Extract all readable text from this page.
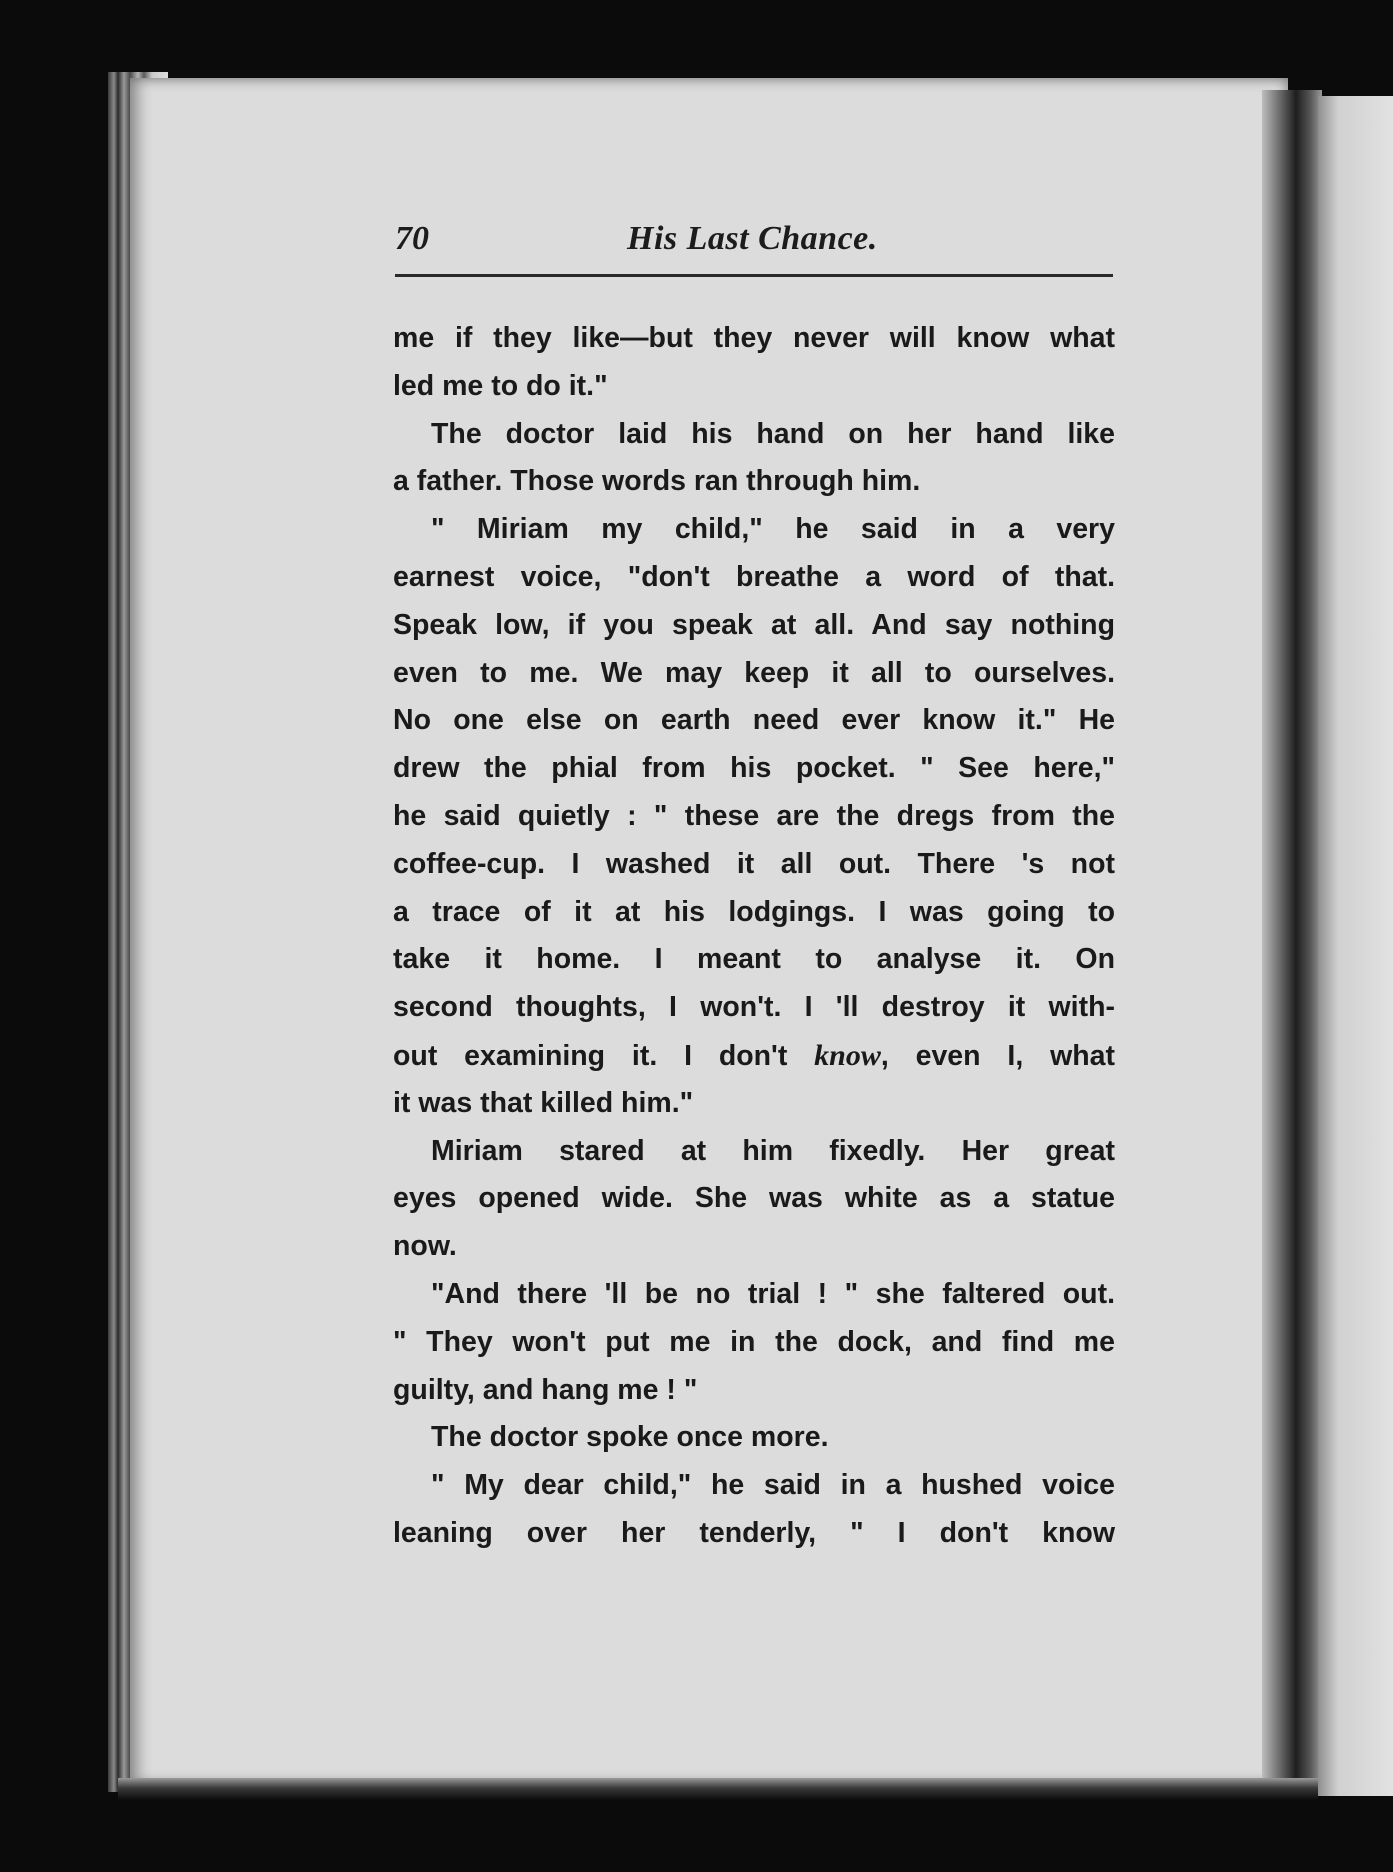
70	His Last Chance.
me if they like—but they never will know what
led me to do it."
The doctor laid his hand on her hand like
a father. Those words ran through him.
" Miriam my child," he said in a very
earnest voice, "don't breathe a word of that.
Speak low, if you speak at all. And say nothing
even to me. We may keep it all to ourselves.
No one else on earth need ever know it." He
drew the phial from his pocket. " See here,"
he said quietly : " these are the dregs from the
coffee-cup. I washed it all out. There 's not
a trace of it at his lodgings. I was going to
take it home. I meant to analyse it. On
second thoughts, I won't. I 'll destroy it with-
out examining it. I don't know, even I, what
it was that killed him."
Miriam stared at him fixedly. Her great
eyes opened wide. She was white as a statue
now.
"And there 'll be no trial ! " she faltered out.
" They won't put me in the dock, and find me
guilty, and hang me ! "
The doctor spoke once more.
" My dear child," he said in a hushed voice
leaning over her tenderly, " I don't know
